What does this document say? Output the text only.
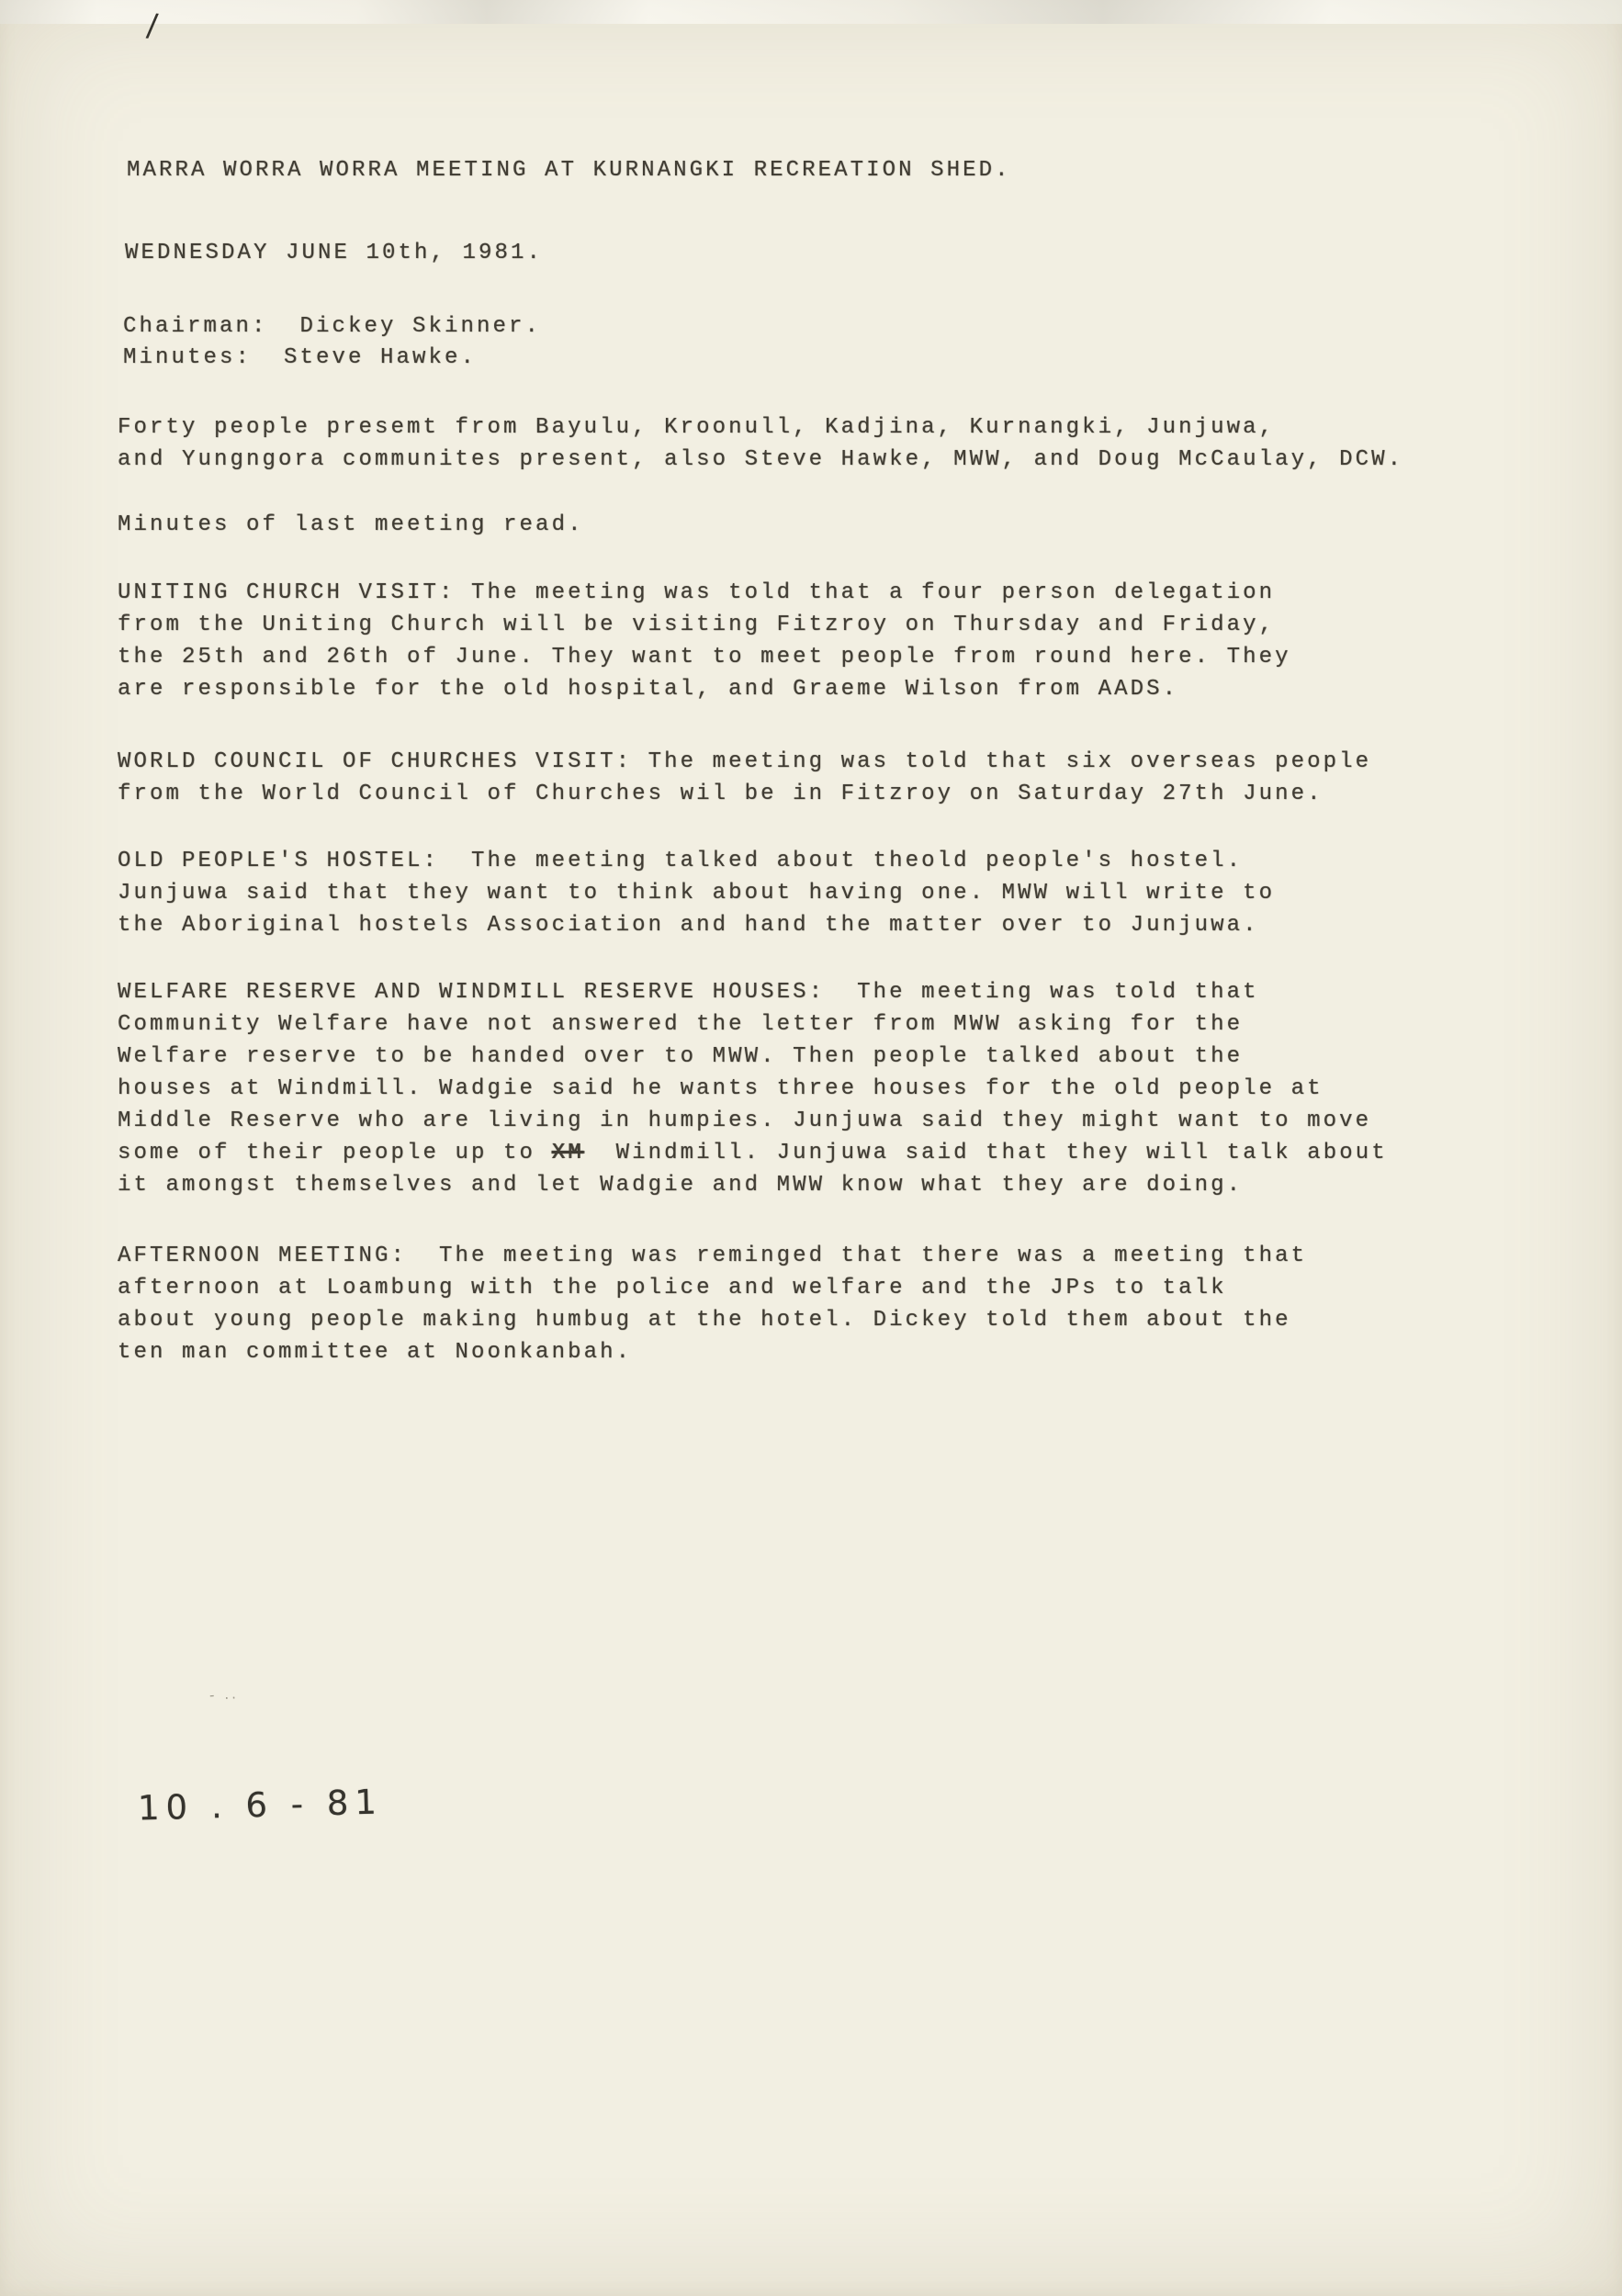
/
MARRA WORRA WORRA MEETING AT KURNANGKI RECREATION SHED.

WEDNESDAY JUNE 10th, 1981.

Chairman:  Dickey Skinner.

Minutes:  Steve Hawke.

Forty people presemt from Bayulu, Kroonull, Kadjina, Kurnangki, Junjuwa,
and Yungngora communites present, also Steve Hawke, MWW, and Doug McCaulay, DCW.

Minutes of last meeting read.

UNITING CHURCH VISIT: The meeting was told that a four person delegation
from the Uniting Church will be visiting Fitzroy on Thursday and Friday,
the 25th and 26th of June. They want to meet people from round here. They
are responsible for the old hospital, and Graeme Wilson from AADS.

WORLD COUNCIL OF CHURCHES VISIT: The meeting was told that six overseas people
from the World Council of Churches wil be in Fitzroy on Saturday 27th June.

OLD PEOPLE'S HOSTEL:  The meeting talked about theold people's hostel.
Junjuwa said that they want to think about having one. MWW will write to
the Aboriginal hostels Association and hand the matter over to Junjuwa.

WELFARE RESERVE AND WINDMILL RESERVE HOUSES:  The meeting was told that
Community Welfare have not answered the letter from MWW asking for the
Welfare reserve to be handed over to MWW. Then people talked about the
houses at Windmill. Wadgie said he wants three houses for the old people at
Middle Reserve who are living in humpies. Junjuwa said they might want to move
some of their people up to XM  Windmill. Junjuwa said that they will talk about
it amongst themselves and let Wadgie and MWW know what they are doing.

AFTERNOON MEETING:  The meeting was reminged that there was a meeting that
afternoon at Loambung with the police and welfare and the JPs to talk
about young people making humbug at the hotel. Dickey told them about the
ten man committee at Noonkanbah.

- ..
10 . 6 - 81
